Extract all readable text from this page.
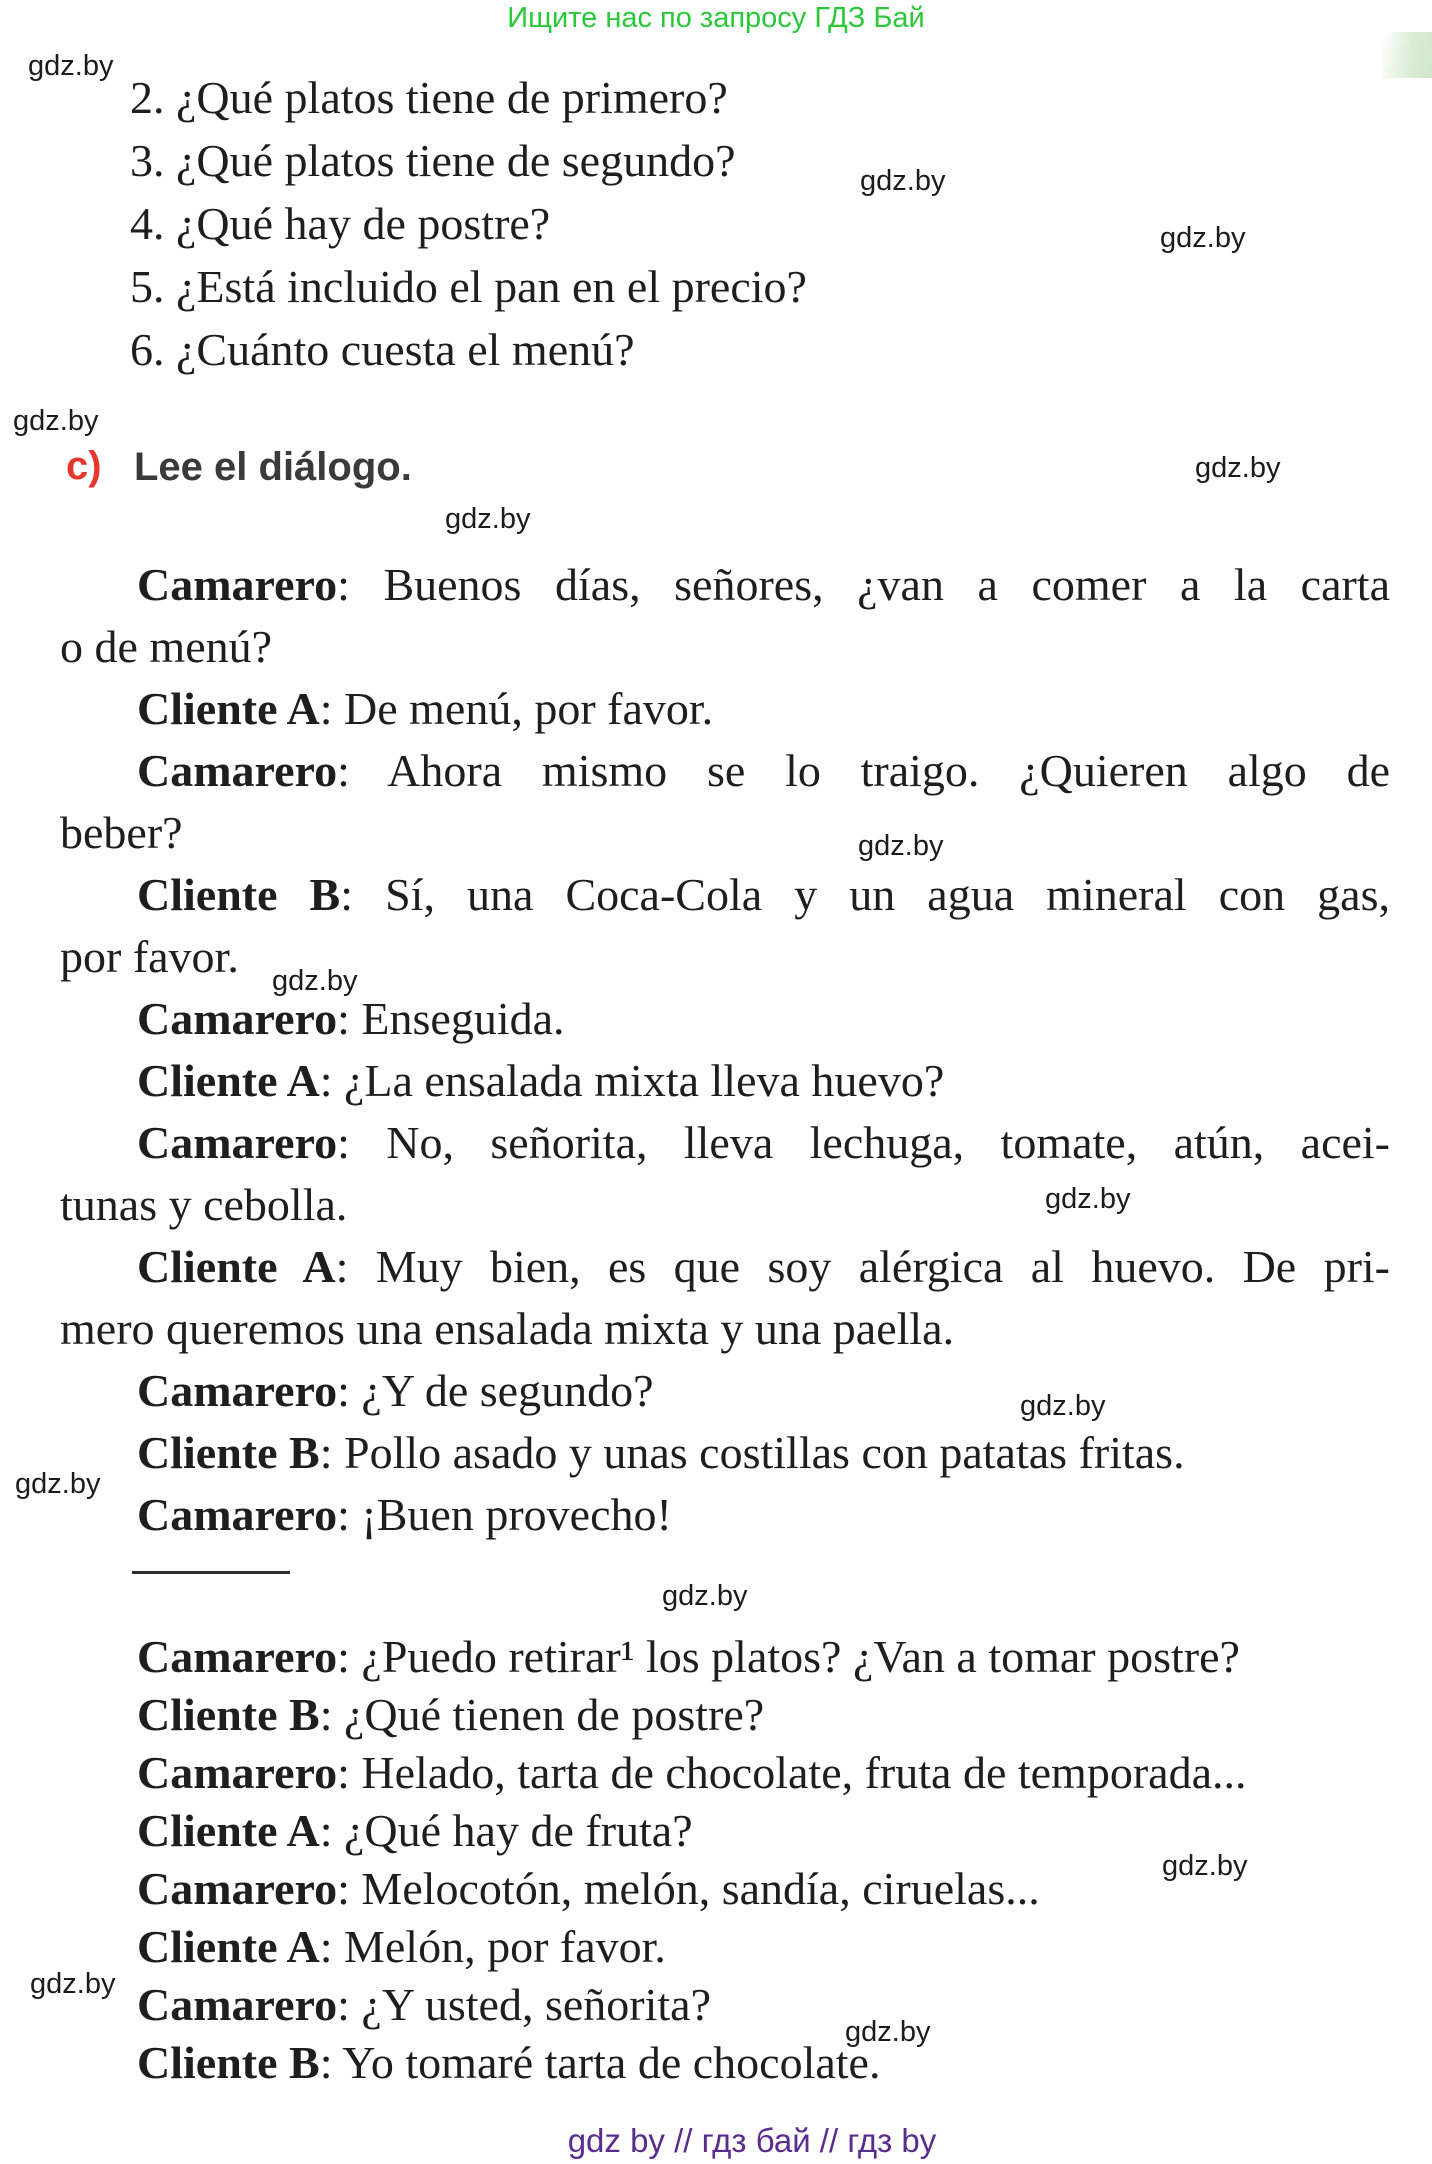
Ищите нас по запросу ГДЗ Бай
2. ¿Qué platos tiene de primero?
3. ¿Qué platos tiene de segundo?
4. ¿Qué hay de postre?
5. ¿Está incluido el pan en el precio?
6. ¿Cuánto cuesta el menú?
c) Lee el diálogo.
Camarero: Buenos días, señores, ¿van a comer a la carta
o de menú?
Cliente A: De menú, por favor.
Camarero: Ahora mismo se lo traigo. ¿Quieren algo de
beber?
Cliente B: Sí, una Coca-Cola y un agua mineral con gas,
por favor.
Camarero: Enseguida.
Cliente A: ¿La ensalada mixta lleva huevo?
Camarero: No, señorita, lleva lechuga, tomate, atún, acei-
tunas y cebolla.
Cliente A: Muy bien, es que soy alérgica al huevo. De pri-
mero queremos una ensalada mixta y una paella.
Camarero: ¿Y de segundo?
Cliente B: Pollo asado y unas costillas con patatas fritas.
Camarero: ¡Buen provecho!
Camarero: ¿Puedo retirar¹ los platos? ¿Van a tomar postre?
Cliente B: ¿Qué tienen de postre?
Camarero: Helado, tarta de chocolate, fruta de temporada...
Cliente A: ¿Qué hay de fruta?
Camarero: Melocotón, melón, sandía, ciruelas...
Cliente A: Melón, por favor.
Camarero: ¿Y usted, señorita?
Cliente B: Yo tomaré tarta de chocolate.
gdz by // гдз бай // гдз by
gdz.by
gdz.by
gdz.by
gdz.by
gdz.by
gdz.by
gdz.by
gdz.by
gdz.by
gdz.by
gdz.by
gdz.by
gdz.by
gdz.by
gdz.by
